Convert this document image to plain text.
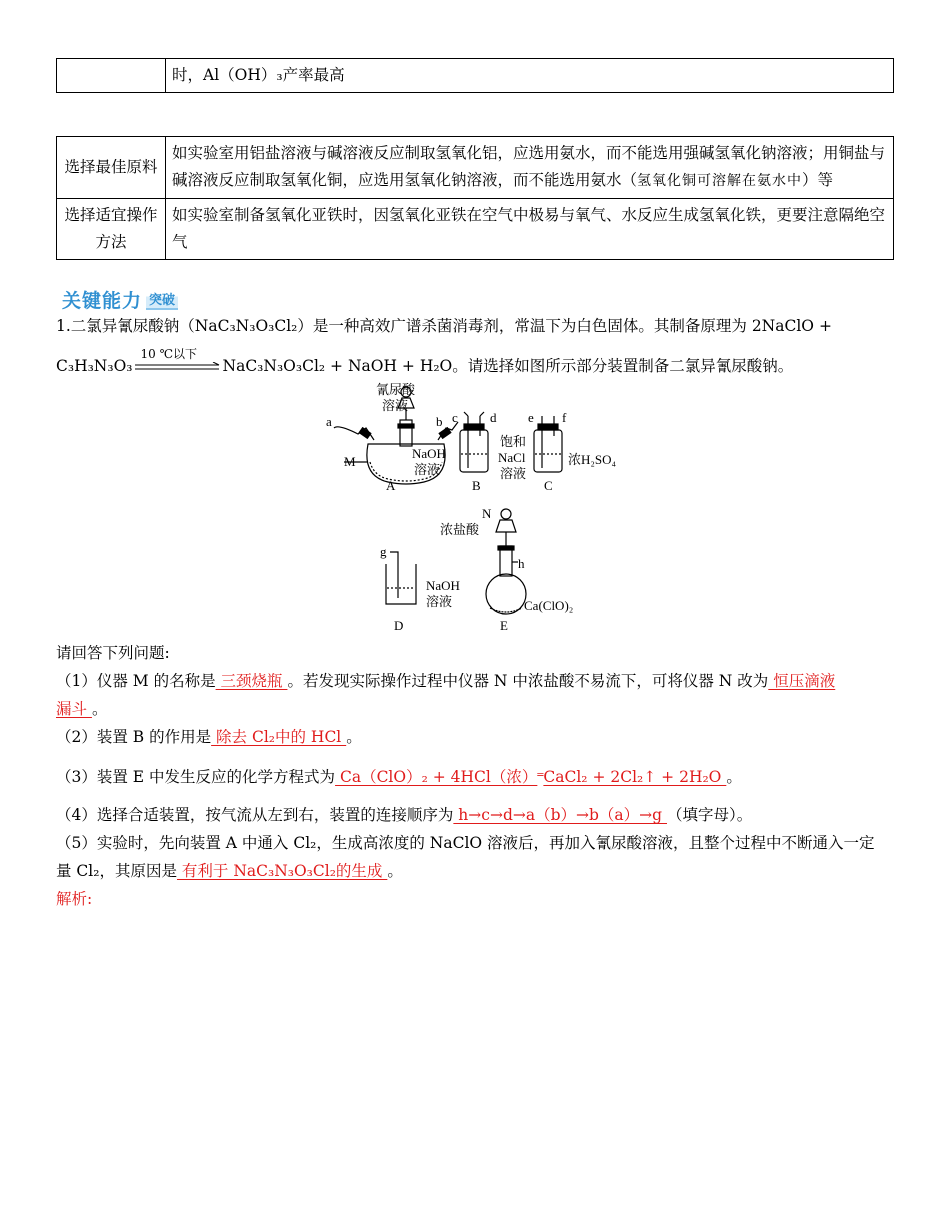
	时，Al（OH）₃产率最高
选择最佳原料	如实验室用铝盐溶液与碱溶液反应制取氢氧化铝，应选用氨水，而不能选用强碱氢氧化钠溶液；用铜盐与碱溶液反应制取氢氧化铜，应选用氢氧化钠溶液，而不能选用氨水（氢氧化铜可溶解在氨水中）等
选择适宜操作方法	如实验室制备氢氧化亚铁时，因氢氧化亚铁在空气中极易与氧气、水反应生成氢氧化铁，更要注意隔绝空气
关键能力 突破
1.二氯异氰尿酸钠（NaC₃N₃O₃Cl₂）是一种高效广谱杀菌消毒剂，常温下为白色固体。其制备原理为 2NaClO +
C₃H₃N₃O₃
10 ℃以下
NaC₃N₃O₃Cl₂ + NaOH + H₂O。请选择如图所示部分装置制备二氯异氰尿酸钠。
氰尿酸
溶液
a	b
M
NaOH
溶液
A
c d
饱和
NaCl
溶液
B
e f
浓H₂SO₄
C
g
NaOH
溶液
D
N
浓盐酸
h
Ca(ClO)₂
E
请回答下列问题:
（1）仪器 M 的名称是 三颈烧瓶 。若发现实际操作过程中仪器 N 中浓盐酸不易流下，可将仪器 N 改为 恒压滴液
漏斗 。
（2）装置 B 的作用是 除去 Cl₂中的 HCl 。
（3）装置 E 中发生反应的化学方程式为 Ca（ClO）₂ + 4HCl（浓）═CaCl₂ + 2Cl₂↑ + 2H₂O 。
（4）选择合适装置，按气流从左到右，装置的连接顺序为 h→c→d→a（b）→b（a）→g （填字母）。
（5）实验时，先向装置 A 中通入 Cl₂，生成高浓度的 NaClO 溶液后，再加入氰尿酸溶液，且整个过程中不断通入一定
量 Cl₂，其原因是 有利于 NaC₃N₃O₃Cl₂的生成 。
解析:
